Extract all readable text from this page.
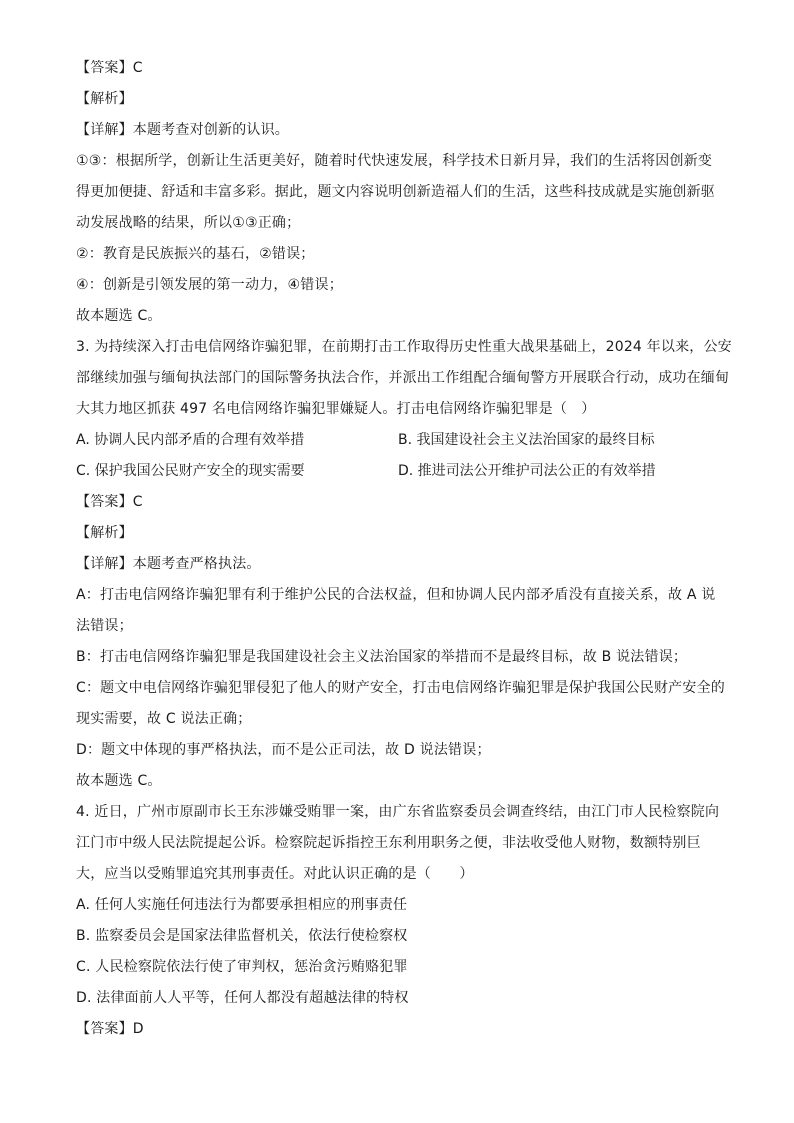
【答案】C

【解析】

【详解】本题考查对创新的认识。

①③：根据所学，创新让生活更美好，随着时代快速发展，科学技术日新月异，我们的生活将因创新变

得更加便捷、舒适和丰富多彩。据此，题文内容说明创新造福人们的生活，这些科技成就是实施创新驱

动发展战略的结果，所以①③正确；

②：教育是民族振兴的基石，②错误；

④：创新是引领发展的第一动力，④错误；

故本题选 C。

3. 为持续深入打击电信网络诈骗犯罪，在前期打击工作取得历史性重大战果基础上，2024 年以来，公安

部继续加强与缅甸执法部门的国际警务执法合作，并派出工作组配合缅甸警方开展联合行动，成功在缅甸

大其力地区抓获 497 名电信网络诈骗犯罪嫌疑人。打击电信网络诈骗犯罪是（　）

A. 协调人民内部矛盾的合理有效举措	B. 我国建设社会主义法治国家的最终目标
C. 保护我国公民财产安全的现实需要	D. 推进司法公开维护司法公正的有效举措

【答案】C

【解析】

【详解】本题考查严格执法。

A：打击电信网络诈骗犯罪有利于维护公民的合法权益，但和协调人民内部矛盾没有直接关系，故 A 说

法错误；

B：打击电信网络诈骗犯罪是我国建设社会主义法治国家的举措而不是最终目标，故 B 说法错误；

C：题文中电信网络诈骗犯罪侵犯了他人的财产安全，打击电信网络诈骗犯罪是保护我国公民财产安全的

现实需要，故 C 说法正确；

D：题文中体现的事严格执法，而不是公正司法，故 D 说法错误；

故本题选 C。

4. 近日，广州市原副市长王东涉嫌受贿罪一案，由广东省监察委员会调查终结，由江门市人民检察院向

江门市中级人民法院提起公诉。检察院起诉指控王东利用职务之便，非法收受他人财物，数额特别巨

大，应当以受贿罪追究其刑事责任。对此认识正确的是（　　）

A. 任何人实施任何违法行为都要承担相应的刑事责任

B. 监察委员会是国家法律监督机关，依法行使检察权

C. 人民检察院依法行使了审判权，惩治贪污贿赂犯罪

D. 法律面前人人平等，任何人都没有超越法律的特权

【答案】D
